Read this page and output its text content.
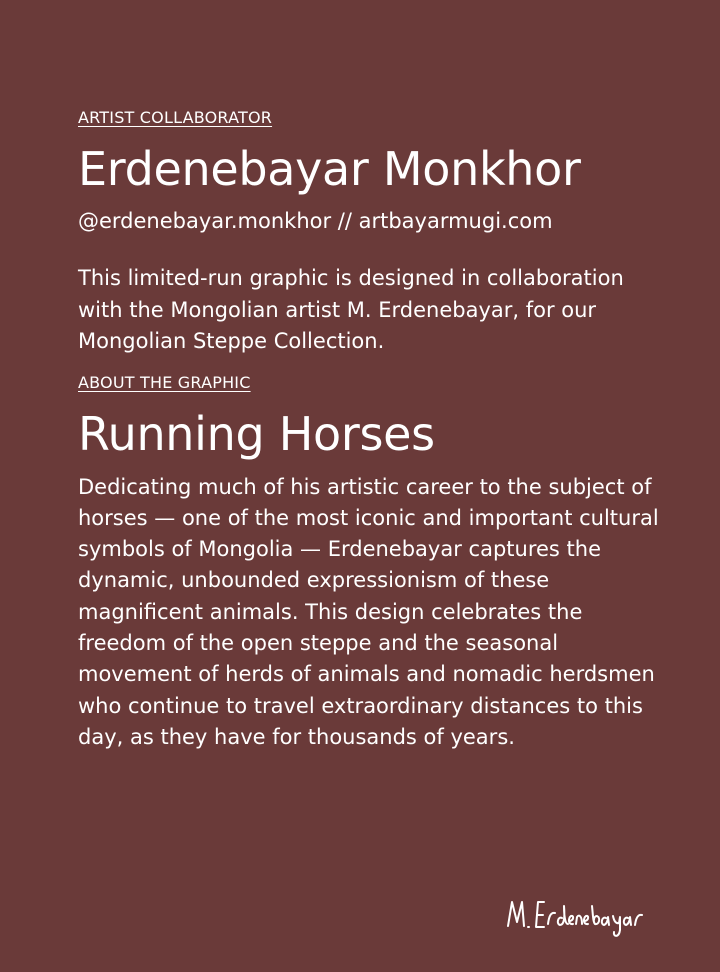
ARTIST COLLABORATOR
Erdenebayar Monkhor

@erdenebayar.monkhor // artbayarmugi.com

This limited-run graphic is designed in collaboration with the Mongolian artist M. Erdenebayar, for our Mongolian Steppe Collection.

ABOUT THE GRAPHIC
Running Horses

Dedicating much of his artistic career to the subject of horses — one of the most iconic and important cultural symbols of Mongolia — Erdenebayar captures the dynamic, unbounded expressionism of these magnificent animals. This design celebrates the freedom of the open steppe and the seasonal movement of herds of animals and nomadic herdsmen who continue to travel extraordinary distances to this day, as they have for thousands of years.
